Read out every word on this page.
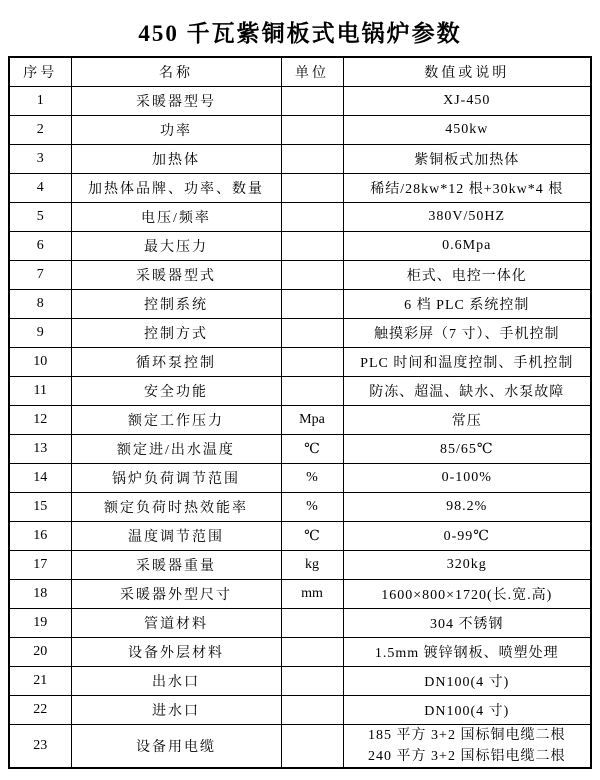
450 千瓦紫铜板式电锅炉参数
序号	名称	单位	数值或说明
1	采暖器型号		XJ-450
2	功率		450kw
3	加热体		紫铜板式加热体
4	加热体品牌、功率、数量		稀结/28kw*12 根+30kw*4 根
5	电压/频率		380V/50HZ
6	最大压力		0.6Mpa
7	采暖器型式		柜式、电控一体化
8	控制系统		6 档 PLC 系统控制
9	控制方式		触摸彩屏（7 寸）、手机控制
10	循环泵控制		PLC 时间和温度控制、手机控制
11	安全功能		防冻、超温、缺水、水泵故障
12	额定工作压力	Mpa	常压
13	额定进/出水温度	℃	85/65℃
14	锅炉负荷调节范围	%	0-100%
15	额定负荷时热效能率	%	98.2%
16	温度调节范围	℃	0-99℃
17	采暖器重量	kg	320kg
18	采暖器外型尺寸	mm	1600×800×1720(长.宽.高)
19	管道材料		304 不锈钢
20	设备外层材料		1.5mm 镀锌钢板、喷塑处理
21	出水口		DN100(4 寸)
22	进水口		DN100(4 寸)
23	设备用电缆		185 平方 3+2 国标铜电缆二根
240 平方 3+2 国标铝电缆二根
